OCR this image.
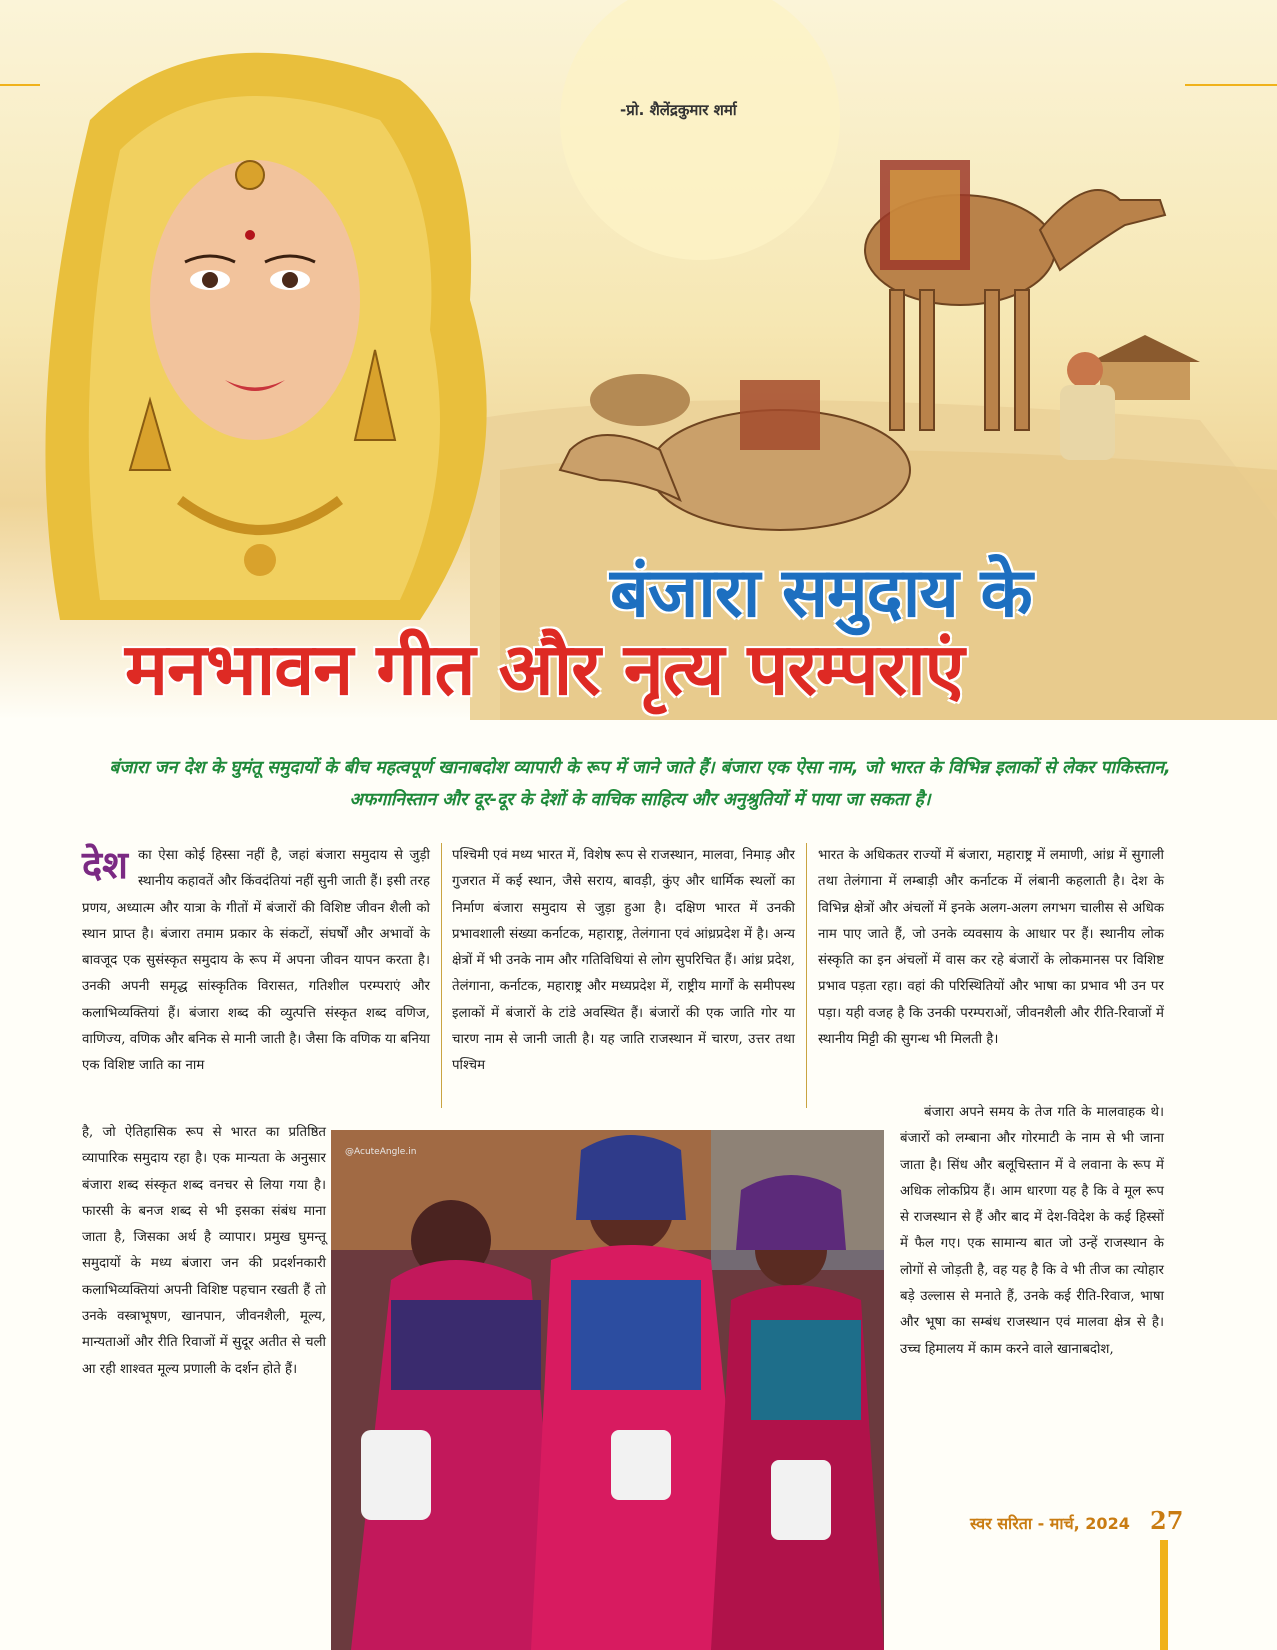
-प्रो. शैलेंद्रकुमार शर्मा
बंजारा समुदाय के
मनभावन गीत और नृत्य परम्पराएं
बंजारा जन देश के घुमंतू समुदायों के बीच महत्वपूर्ण खानाबदोश व्यापारी के रूप में जाने जाते हैं। बंजारा एक ऐसा नाम, जो भारत के विभिन्न इलाकों से लेकर पाकिस्तान, अफगानिस्तान और दूर-दूर के देशों के वाचिक साहित्य और अनुश्रुतियों में पाया जा सकता है।
देश का ऐसा कोई हिस्सा नहीं है, जहां बंजारा समुदाय से जुड़ी स्थानीय कहावतें और किंवदंतियां नहीं सुनी जाती हैं। इसी तरह प्रणय, अध्यात्म और यात्रा के गीतों में बंजारों की विशिष्ट जीवन शैली को स्थान प्राप्त है। बंजारा तमाम प्रकार के संकटों, संघर्षों और अभावों के बावजूद एक सुसंस्कृत समुदाय के रूप में अपना जीवन यापन करता है। उनकी अपनी समृद्ध सांस्कृतिक विरासत, गतिशील परम्पराएं और कलाभिव्यक्तियां हैं। बंजारा शब्द की व्युत्पत्ति संस्कृत शब्द वणिज, वाणिज्य, वणिक और बनिक से मानी जाती है। जैसा कि वणिक या बनिया एक विशिष्ट जाति का नाम

पश्चिमी एवं मध्य भारत में, विशेष रूप से राजस्थान, मालवा, निमाड़ और गुजरात में कई स्थान, जैसे सराय, बावड़ी, कुंए और धार्मिक स्थलों का निर्माण बंजारा समुदाय से जुड़ा हुआ है। दक्षिण भारत में उनकी प्रभावशाली संख्या कर्नाटक, महाराष्ट्र, तेलंगाना एवं आंध्रप्रदेश में है। अन्य क्षेत्रों में भी उनके नाम और गतिविधियां से लोग सुपरिचित हैं। आंध्र प्रदेश, तेलंगाना, कर्नाटक, महाराष्ट्र और मध्यप्रदेश में, राष्ट्रीय मार्गों के समीपस्थ इलाकों में बंजारों के टांडे अवस्थित हैं। बंजारों की एक जाति गोर या चारण नाम से जानी जाती है। यह जाति राजस्थान में चारण, उत्तर तथा पश्चिम

भारत के अधिकतर राज्यों में बंजारा, महाराष्ट्र में लमाणी, आंध्र में सुगाली तथा तेलंगाना में लम्बाड़ी और कर्नाटक में लंबानी कहलाती है। देश के विभिन्न क्षेत्रों और अंचलों में इनके अलग-अलग लगभग चालीस से अधिक नाम पाए जाते हैं, जो उनके व्यवसाय के आधार पर हैं। स्थानीय लोक संस्कृति का इन अंचलों में वास कर रहे बंजारों के लोकमानस पर विशिष्ट प्रभाव पड़ता रहा। वहां की परिस्थितियों और भाषा का प्रभाव भी उन पर पड़ा। यही वजह है कि उनकी परम्पराओं, जीवनशैली और रीति-रिवाजों में स्थानीय मिट्टी की सुगन्ध भी मिलती है।

है, जो ऐतिहासिक रूप से भारत का प्रतिष्ठित व्यापारिक समुदाय रहा है। एक मान्यता के अनुसार बंजारा शब्द संस्कृत शब्द वनचर से लिया गया है। फारसी के बनज शब्द से भी इसका संबंध माना जाता है, जिसका अर्थ है व्यापार। प्रमुख घुमन्तू समुदायों के मध्य बंजारा जन की प्रदर्शनकारी कलाभिव्यक्तियां अपनी विशिष्ट पहचान रखती हैं तो उनके वस्त्राभूषण, खानपान, जीवनशैली, मूल्य, मान्यताओं और रीति रिवाजों में सुदूर अतीत से चली आ रही शाश्वत मूल्य प्रणाली के दर्शन होते हैं।

बंजारा अपने समय के तेज गति के मालवाहक थे। बंजारों को लम्बाना और गोरमाटी के नाम से भी जाना जाता है। सिंध और बलूचिस्तान में वे लवाना के रूप में अधिक लोकप्रिय हैं। आम धारणा यह है कि वे मूल रूप से राजस्थान से हैं और बाद में देश-विदेश के कई हिस्सों में फैल गए। एक सामान्य बात जो उन्हें राजस्थान के लोगों से जोड़ती है, वह यह है कि वे भी तीज का त्योहार बड़े उल्लास से मनाते हैं, उनके कई रीति-रिवाज, भाषा और भूषा का सम्बंध राजस्थान एवं मालवा क्षेत्र से है। उच्च हिमालय में काम करने वाले खानाबदोश,

@AcuteAngle.in
स्वर सरिता - मार्च, 2024 27
